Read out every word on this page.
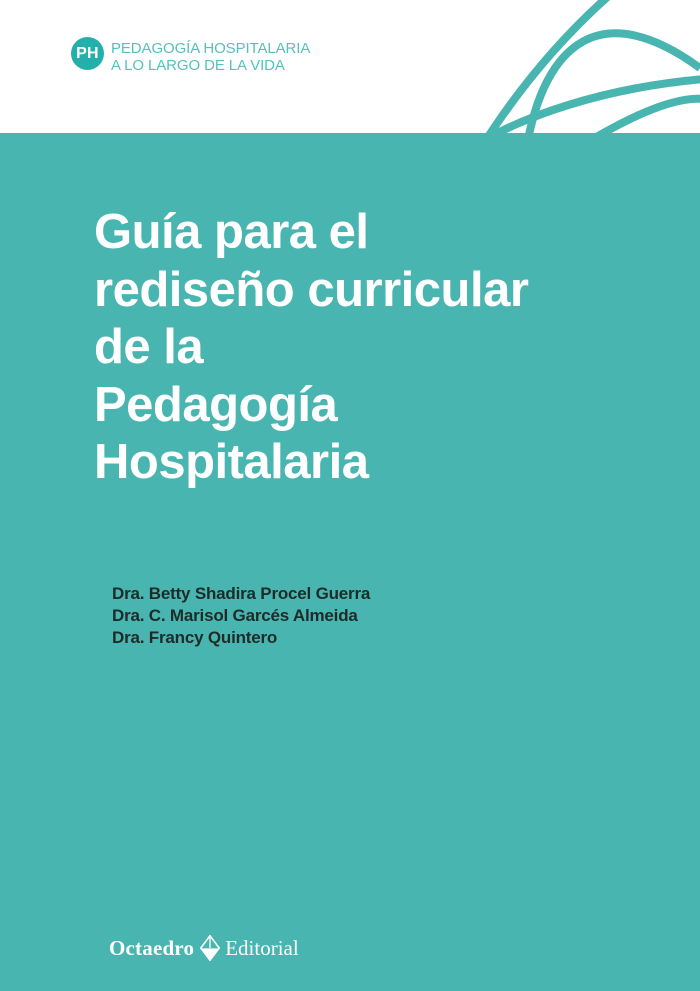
PH PEDAGOGÍA HOSPITALARIA
A LO LARGO DE LA VIDA
Guía para el
rediseño curricular
de la
Pedagogía
Hospitalaria
Dra. Betty Shadira Procel Guerra
Dra. C. Marisol Garcés Almeida
Dra. Francy Quintero
Octaedro Editorial
